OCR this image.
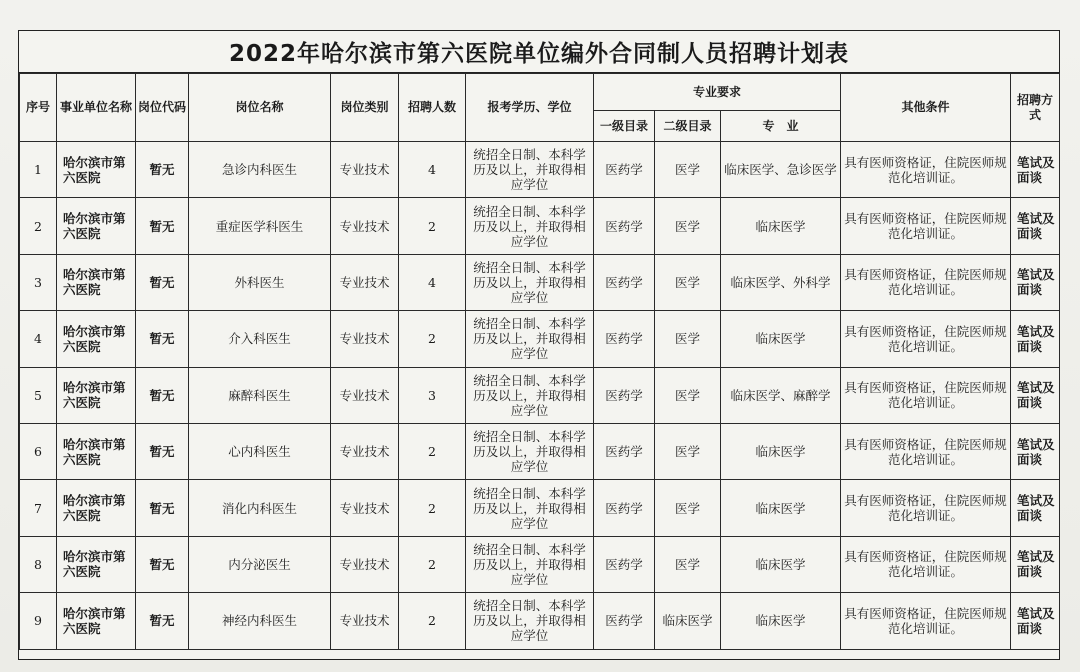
2022年哈尔滨市第六医院单位编外合同制人员招聘计划表
序号	事业单位名称	岗位代码	岗位名称	岗位类别	招聘人数	报考学历、学位	专业要求			其他条件	招聘方式
							一级目录	二级目录	专　业		
1	哈尔滨市第六医院	暂无	急诊内科医生	专业技术	4	统招全日制、本科学历及以上，并取得相应学位	医药学	医学	临床医学、急诊医学	具有医师资格证，住院医师规范化培训证。	笔试及面谈
2	哈尔滨市第六医院	暂无	重症医学科医生	专业技术	2	统招全日制、本科学历及以上，并取得相应学位	医药学	医学	临床医学	具有医师资格证，住院医师规范化培训证。	笔试及面谈
3	哈尔滨市第六医院	暂无	外科医生	专业技术	4	统招全日制、本科学历及以上，并取得相应学位	医药学	医学	临床医学、外科学	具有医师资格证，住院医师规范化培训证。	笔试及面谈
4	哈尔滨市第六医院	暂无	介入科医生	专业技术	2	统招全日制、本科学历及以上，并取得相应学位	医药学	医学	临床医学	具有医师资格证，住院医师规范化培训证。	笔试及面谈
5	哈尔滨市第六医院	暂无	麻醉科医生	专业技术	3	统招全日制、本科学历及以上，并取得相应学位	医药学	医学	临床医学、麻醉学	具有医师资格证，住院医师规范化培训证。	笔试及面谈
6	哈尔滨市第六医院	暂无	心内科医生	专业技术	2	统招全日制、本科学历及以上，并取得相应学位	医药学	医学	临床医学	具有医师资格证，住院医师规范化培训证。	笔试及面谈
7	哈尔滨市第六医院	暂无	消化内科医生	专业技术	2	统招全日制、本科学历及以上，并取得相应学位	医药学	医学	临床医学	具有医师资格证，住院医师规范化培训证。	笔试及面谈
8	哈尔滨市第六医院	暂无	内分泌医生	专业技术	2	统招全日制、本科学历及以上，并取得相应学位	医药学	医学	临床医学	具有医师资格证，住院医师规范化培训证。	笔试及面谈
9	哈尔滨市第六医院	暂无	神经内科医生	专业技术	2	统招全日制、本科学历及以上，并取得相应学位	医药学	临床医学	临床医学	具有医师资格证，住院医师规范化培训证。	笔试及面谈
